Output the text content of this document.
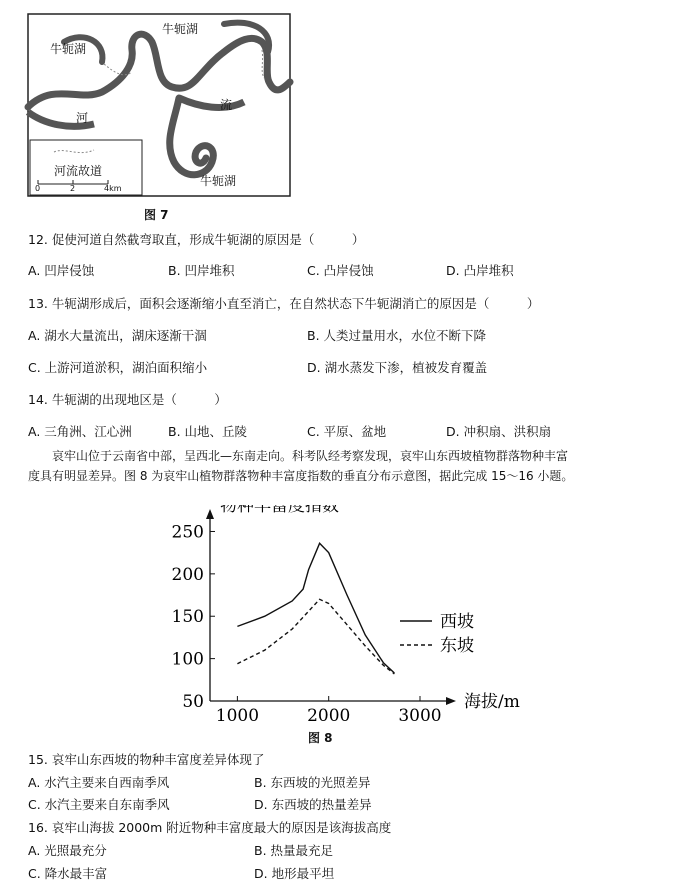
牛轭湖
牛轭湖
牛轭湖
河
流
河流故道
0	2	4km
图 7
12. 促使河道自然截弯取直，形成牛轭湖的原因是（　　　）
A. 凹岸侵蚀	B. 凹岸堆积	C. 凸岸侵蚀	D. 凸岸堆积
13. 牛轭湖形成后，面积会逐渐缩小直至消亡，在自然状态下牛轭湖消亡的原因是（　　　）
A. 湖水大量流出，湖床逐渐干涸	B. 人类过量用水，水位不断下降
C. 上游河道淤积，湖泊面积缩小	D. 湖水蒸发下渗，植被发育覆盖
14. 牛轭湖的出现地区是（　　　）
A. 三角洲、江心洲	B. 山地、丘陵	C. 平原、盆地	D. 冲积扇、洪积扇
哀牢山位于云南省中部，呈西北—东南走向。科考队经考察发现，哀牢山东西坡植物群落物种丰富
度具有明显差异。图 8 为哀牢山植物群落物种丰富度指数的垂直分布示意图，据此完成 15～16 小题。
50
100
150
200
250
1000	2000	3000
物种丰富度指数
海拔/m
西坡
东坡
图 8
15. 哀牢山东西坡的物种丰富度差异体现了
A. 水汽主要来自西南季风	B. 东西坡的光照差异
C. 水汽主要来自东南季风	D. 东西坡的热量差异
16. 哀牢山海拔 2000m 附近物种丰富度最大的原因是该海拔高度
A. 光照最充分	B. 热量最充足
C. 降水最丰富	D. 地形最平坦
